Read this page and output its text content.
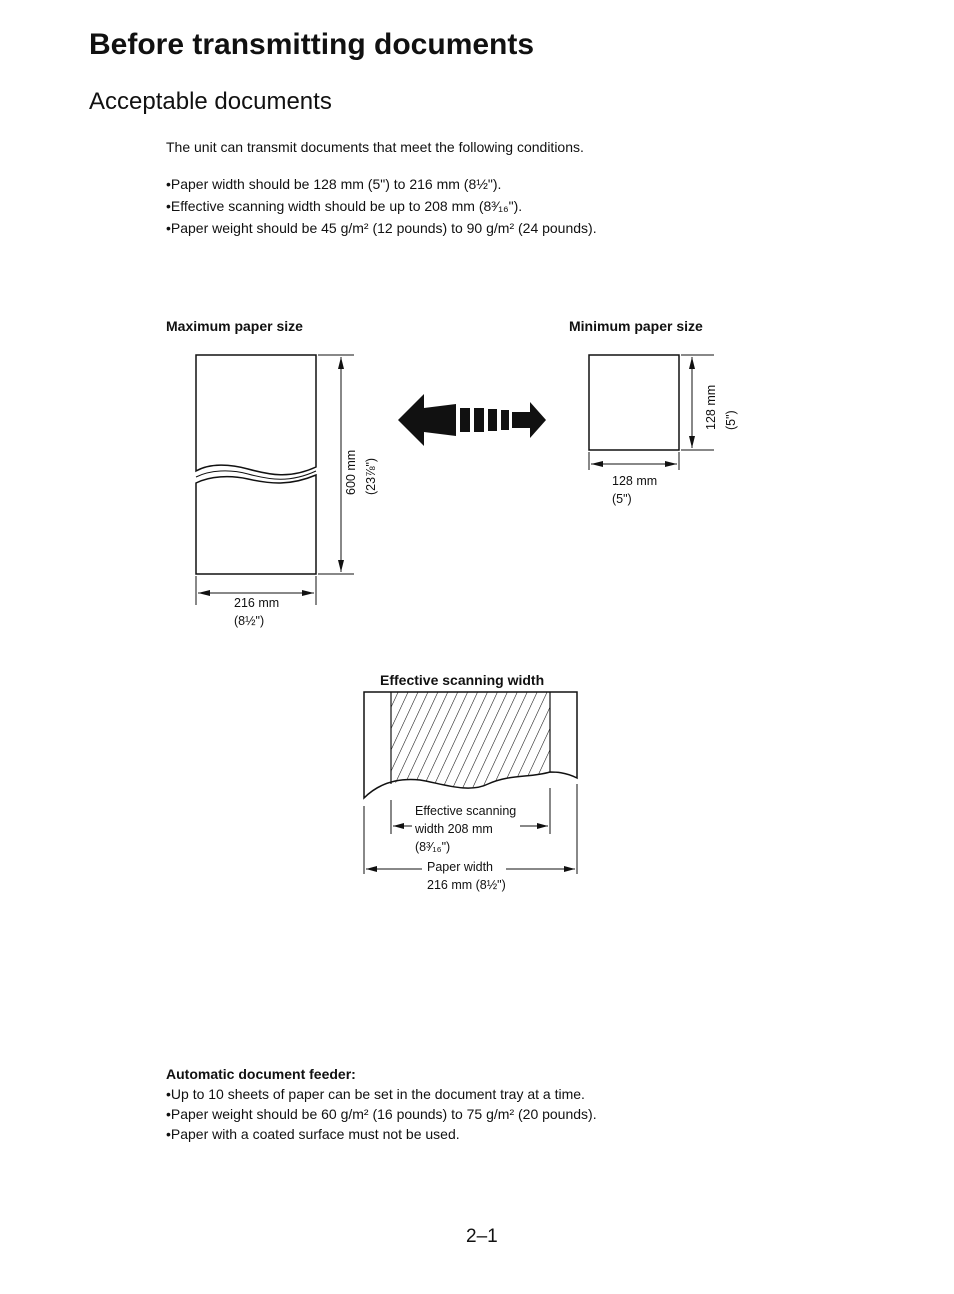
Before transmitting documents
Acceptable documents
The unit can transmit documents that meet the following conditions.
•Paper width should be 128 mm (5") to 216 mm (8½").
•Effective scanning width should be up to 208 mm (8³⁄₁₆").
•Paper weight should be 45 g/m² (12 pounds) to 90 g/m² (24 pounds).
Maximum paper size
216 mm
(8½")
600 mm (23⅞")
Minimum paper size
128 mm
(5")
128 mm (5")
Effective scanning width
Effective scanning
width 208 mm
(8³⁄₁₆")
Paper width
216 mm (8½")
Automatic document feeder:
•Up to 10 sheets of paper can be set in the document tray at a time.
•Paper weight should be 60 g/m² (16 pounds) to 75 g/m² (20 pounds).
•Paper with a coated surface must not be used.
2–1
